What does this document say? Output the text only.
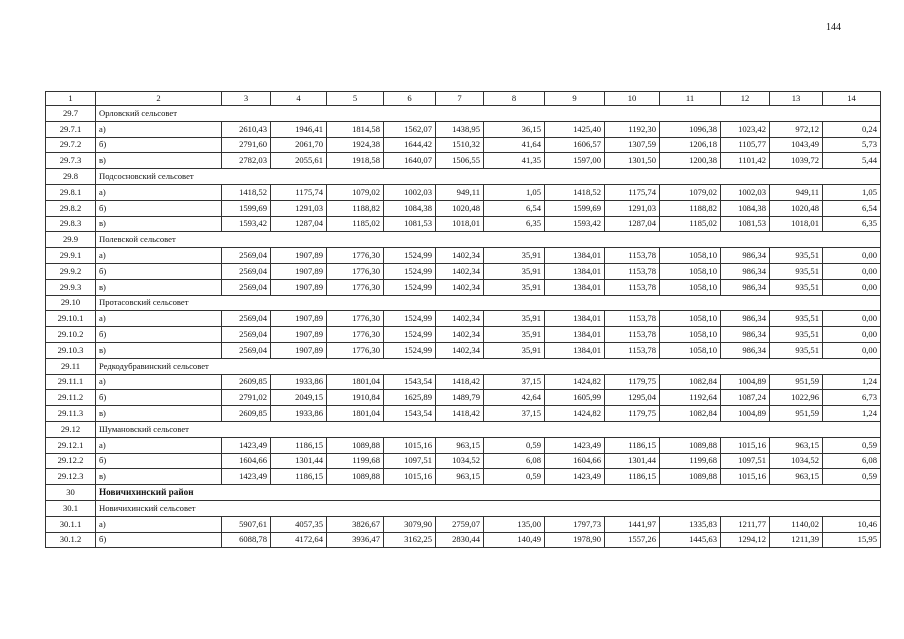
144
1	2	3	4	5	6	7	8	9	10	11	12	13	14
29.7	Орловский сельсовет												
29.7.1	а)	2610,43	1946,41	1814,58	1562,07	1438,95	36,15	1425,40	1192,30	1096,38	1023,42	972,12	0,24
29.7.2	б)	2791,60	2061,70	1924,38	1644,42	1510,32	41,64	1606,57	1307,59	1206,18	1105,77	1043,49	5,73
29.7.3	в)	2782,03	2055,61	1918,58	1640,07	1506,55	41,35	1597,00	1301,50	1200,38	1101,42	1039,72	5,44
29.8	Подсосновский сельсовет												
29.8.1	а)	1418,52	1175,74	1079,02	1002,03	949,11	1,05	1418,52	1175,74	1079,02	1002,03	949,11	1,05
29.8.2	б)	1599,69	1291,03	1188,82	1084,38	1020,48	6,54	1599,69	1291,03	1188,82	1084,38	1020,48	6,54
29.8.3	в)	1593,42	1287,04	1185,02	1081,53	1018,01	6,35	1593,42	1287,04	1185,02	1081,53	1018,01	6,35
29.9	Полевской сельсовет												
29.9.1	а)	2569,04	1907,89	1776,30	1524,99	1402,34	35,91	1384,01	1153,78	1058,10	986,34	935,51	0,00
29.9.2	б)	2569,04	1907,89	1776,30	1524,99	1402,34	35,91	1384,01	1153,78	1058,10	986,34	935,51	0,00
29.9.3	в)	2569,04	1907,89	1776,30	1524,99	1402,34	35,91	1384,01	1153,78	1058,10	986,34	935,51	0,00
29.10	Протасовский сельсовет												
29.10.1	а)	2569,04	1907,89	1776,30	1524,99	1402,34	35,91	1384,01	1153,78	1058,10	986,34	935,51	0,00
29.10.2	б)	2569,04	1907,89	1776,30	1524,99	1402,34	35,91	1384,01	1153,78	1058,10	986,34	935,51	0,00
29.10.3	в)	2569,04	1907,89	1776,30	1524,99	1402,34	35,91	1384,01	1153,78	1058,10	986,34	935,51	0,00
29.11	Редкодубравинский сельсовет												
29.11.1	а)	2609,85	1933,86	1801,04	1543,54	1418,42	37,15	1424,82	1179,75	1082,84	1004,89	951,59	1,24
29.11.2	б)	2791,02	2049,15	1910,84	1625,89	1489,79	42,64	1605,99	1295,04	1192,64	1087,24	1022,96	6,73
29.11.3	в)	2609,85	1933,86	1801,04	1543,54	1418,42	37,15	1424,82	1179,75	1082,84	1004,89	951,59	1,24
29.12	Шумановский сельсовет												
29.12.1	а)	1423,49	1186,15	1089,88	1015,16	963,15	0,59	1423,49	1186,15	1089,88	1015,16	963,15	0,59
29.12.2	б)	1604,66	1301,44	1199,68	1097,51	1034,52	6,08	1604,66	1301,44	1199,68	1097,51	1034,52	6,08
29.12.3	в)	1423,49	1186,15	1089,88	1015,16	963,15	0,59	1423,49	1186,15	1089,88	1015,16	963,15	0,59
30	Новичихинский район												
30.1	Новичихинский сельсовет												
30.1.1	а)	5907,61	4057,35	3826,67	3079,90	2759,07	135,00	1797,73	1441,97	1335,83	1211,77	1140,02	10,46
30.1.2	б)	6088,78	4172,64	3936,47	3162,25	2830,44	140,49	1978,90	1557,26	1445,63	1294,12	1211,39	15,95
